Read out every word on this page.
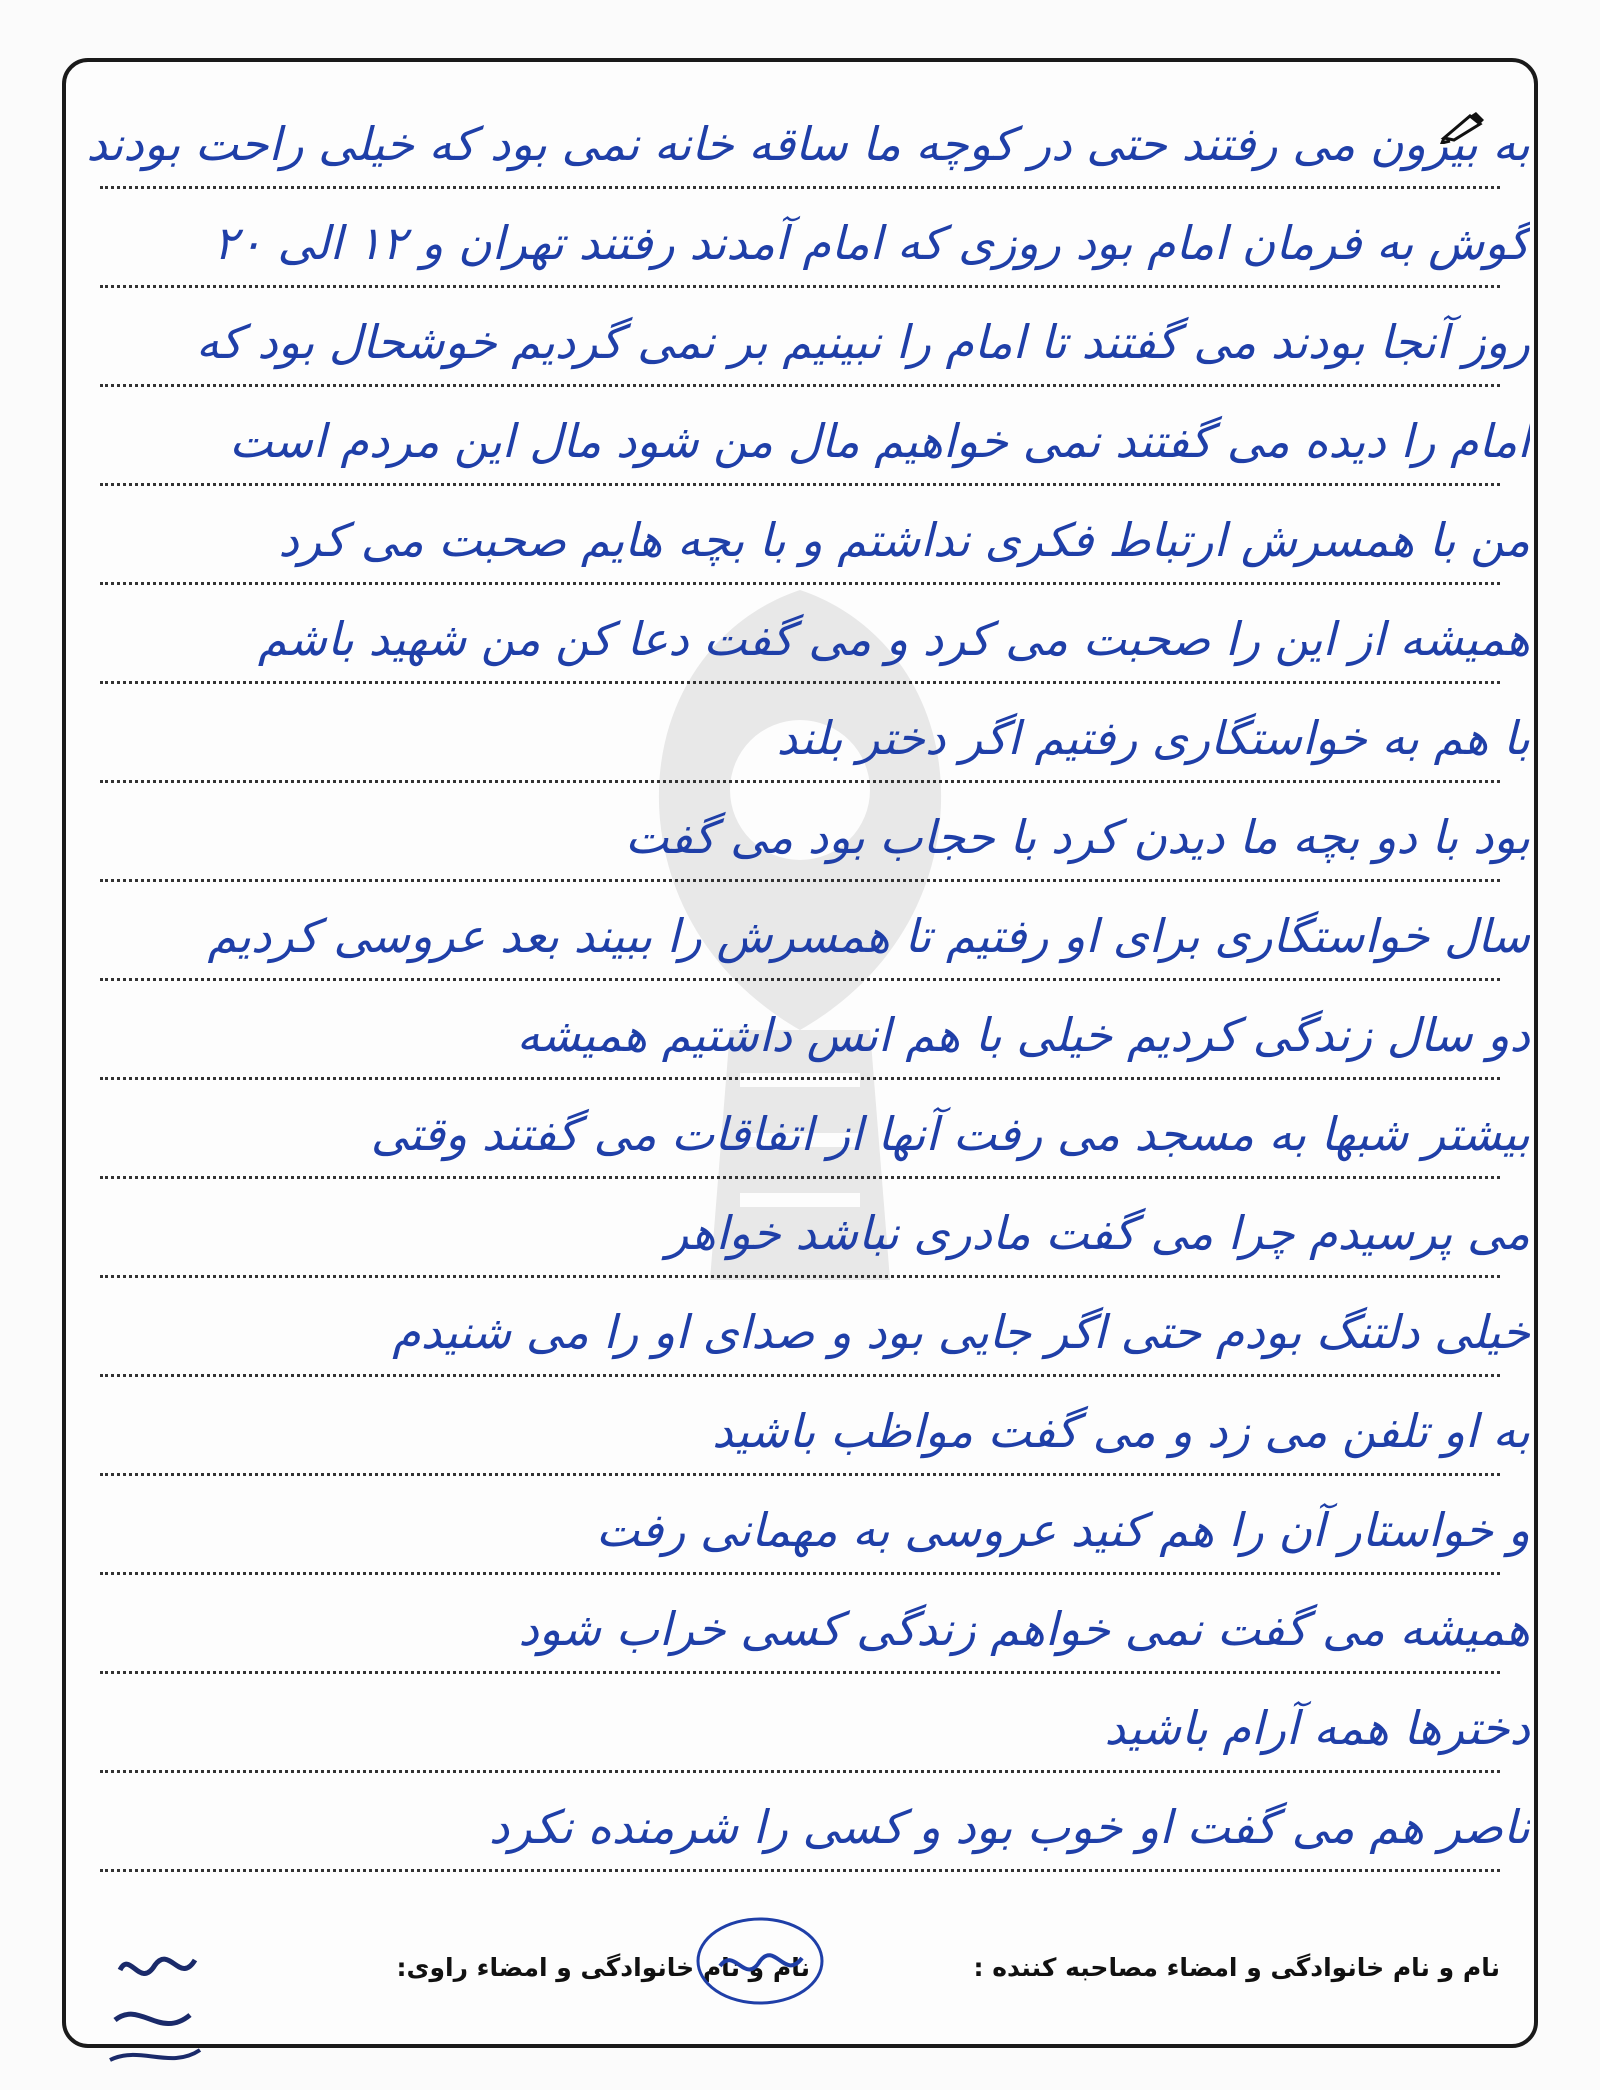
به بیرون می رفتند حتی در کوچه ما ساقه خانه نمی بود که خیلی راحت بودند
گوش به فرمان امام بود روزی که امام آمدند رفتند تهران و ۱۲ الی ۲۰
روز آنجا بودند می گفتند تا امام را نبینیم بر نمی گردیم خوشحال بود که
امام را دیده می گفتند نمی خواهیم مال من شود مال این مردم است
من با همسرش ارتباط فکری نداشتم و با بچه هایم صحبت می کرد
همیشه از این را صحبت می کرد و می گفت دعا کن من شهید باشم
با هم به خواستگاری رفتیم اگر دختر بلند
بود با دو بچه ما دیدن کرد با حجاب بود می گفت
سال خواستگاری برای او رفتیم تا همسرش را ببیند بعد عروسی کردیم
دو سال زندگی کردیم خیلی با هم انس داشتیم همیشه
بیشتر شبها به مسجد می رفت آنها از اتفاقات می گفتند وقتی
می پرسیدم چرا می گفت مادری نباشد خواهر
خیلی دلتنگ بودم حتی اگر جایی بود و صدای او را می شنیدم
به او تلفن می زد و می گفت مواظب باشید
و خواستار آن را هم کنید عروسی به مهمانی رفت
همیشه می گفت نمی خواهم زندگی کسی خراب شود
دخترها همه آرام باشید
ناصر هم می گفت او خوب بود و کسی را شرمنده نکرد
نام و نام خانوادگی و امضاء مصاحبه کننده :
نام و نام خانوادگی و امضاء راوی:
